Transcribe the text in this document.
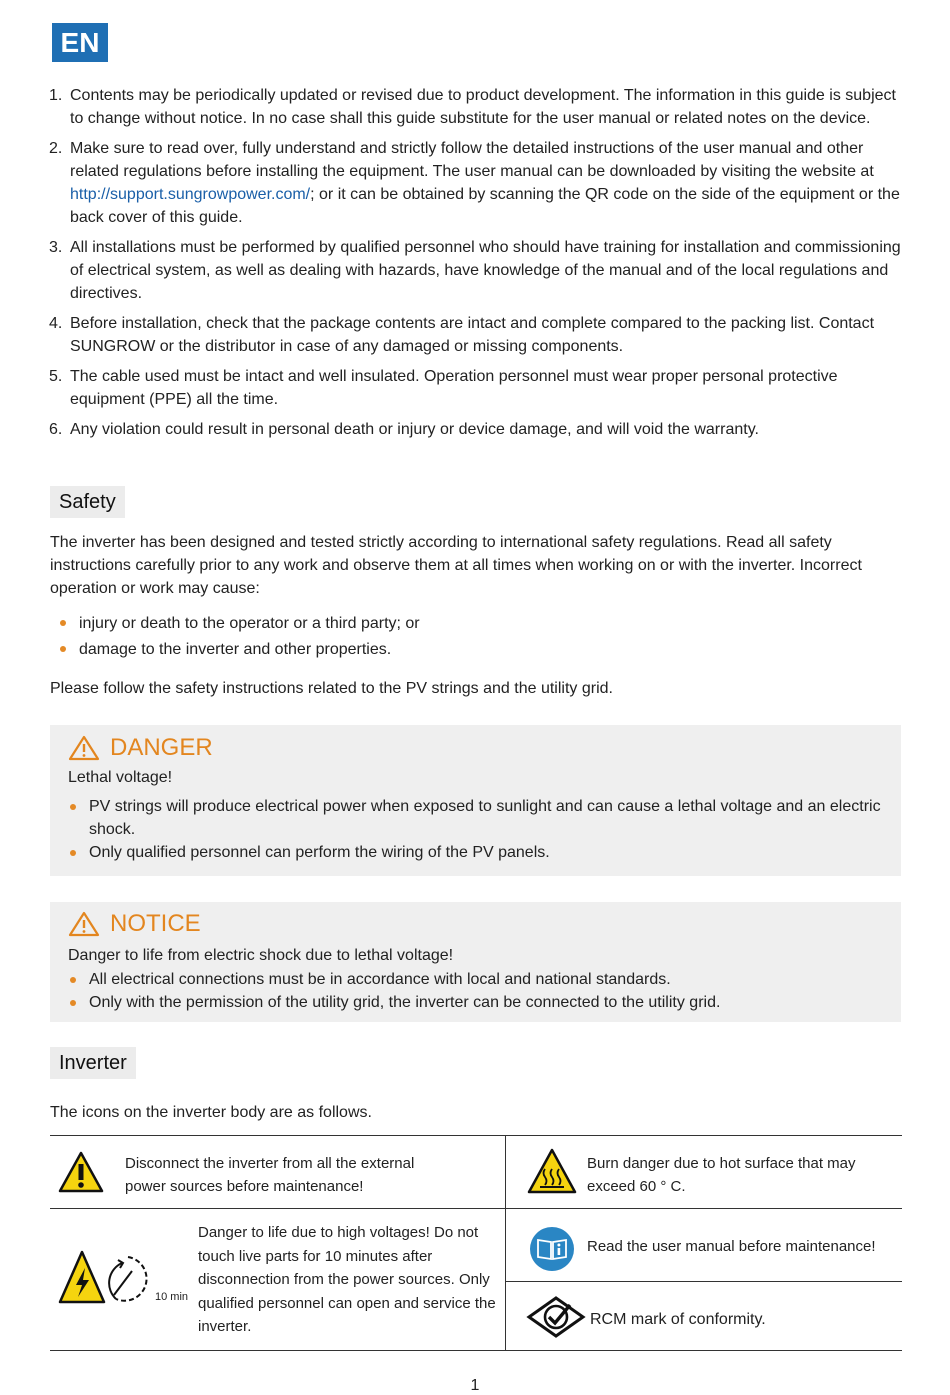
EN
1. Contents may be periodically updated or revised due to product development. The information in this guide is subject to change without notice. In no case shall this guide substitute for the user manual or related notes on the device.
2. Make sure to read over, fully understand and strictly follow the detailed instructions of the user manual and other related regulations before installing the equipment. The user manual can be downloaded by visiting the website at http://support.sungrowpower.com/; or it can be obtained by scanning the QR code on the side of the equipment or the back cover of this guide.
3. All installations must be performed by qualified personnel who should have training for installation and commissioning of electrical system, as well as dealing with hazards, have knowledge of the manual and of the local regulations and directives.
4. Before installation, check that the package contents are intact and complete compared to the packing list. Contact SUNGROW or the distributor in case of any damaged or missing components.
5. The cable used must be intact and well insulated. Operation personnel must wear proper personal protective equipment (PPE) all the time.
6. Any violation could result in personal death or injury or device damage, and will void the warranty.
Safety

The inverter has been designed and tested strictly according to international safety regulations. Read all safety instructions carefully prior to any work and observe them at all times when working on or with the inverter. Incorrect operation or work may cause:

injury or death to the operator or a third party; or
damage to the inverter and other properties.

Please follow the safety instructions related to the PV strings and the utility grid.

DANGER
Lethal voltage!
PV strings will produce electrical power when exposed to sunlight and can cause a lethal voltage and an electric shock.
Only qualified personnel can perform the wiring of the PV panels.
NOTICE
Danger to life from electric shock due to lethal voltage!
All electrical connections must be in accordance with local and national standards.
Only with the permission of the utility grid, the inverter can be connected to the utility grid.
Inverter

The icons on the inverter body are as follows.

Disconnect the inverter from all the external power sources before maintenance!
Burn danger due to hot surface that may exceed 60 ° C.
10 min
Danger to life due to high voltages! Do not touch live parts for 10 minutes after disconnection from the power sources. Only qualified personnel can open and service the inverter.
Read the user manual before maintenance!
RCM mark of conformity.
1
